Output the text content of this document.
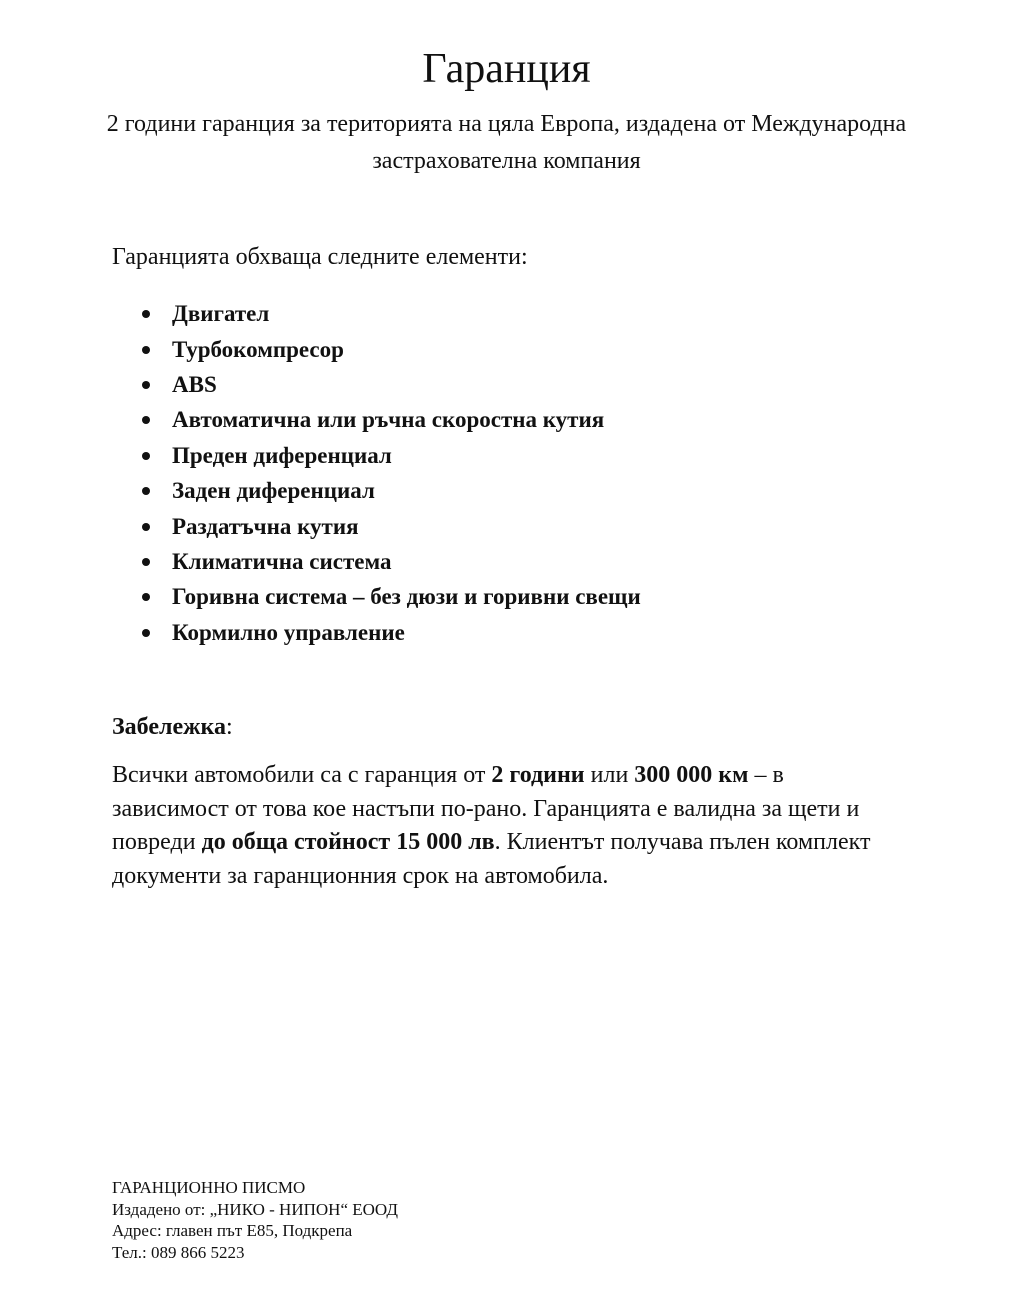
Гаранция

2 години гаранция за територията на цяла Европа, издадена от Международна застрахователна компания

Гаранцията обхваща следните елементи:

Двигател
Турбокомпресор
ABS
Автоматична или ръчна скоростна кутия
Преден диференциал
Заден диференциал
Раздатъчна кутия
Климатична система
Горивна система – без дюзи и горивни свещи
Кормилно управление

Забележка:

Всички автомобили са с гаранция от 2 години или 300 000 км – в зависимост от това кое настъпи по-рано. Гаранцията е валидна за щети и повреди до обща стойност 15 000 лв. Клиентът получава пълен комплект документи за гаранционния срок на автомобила.

ГАРАНЦИОННО ПИСМО
Издадено от: „НИКО - НИПОН“ ЕООД
Адрес: главен път Е85, Подкрепа
Тел.: 089 866 5223
